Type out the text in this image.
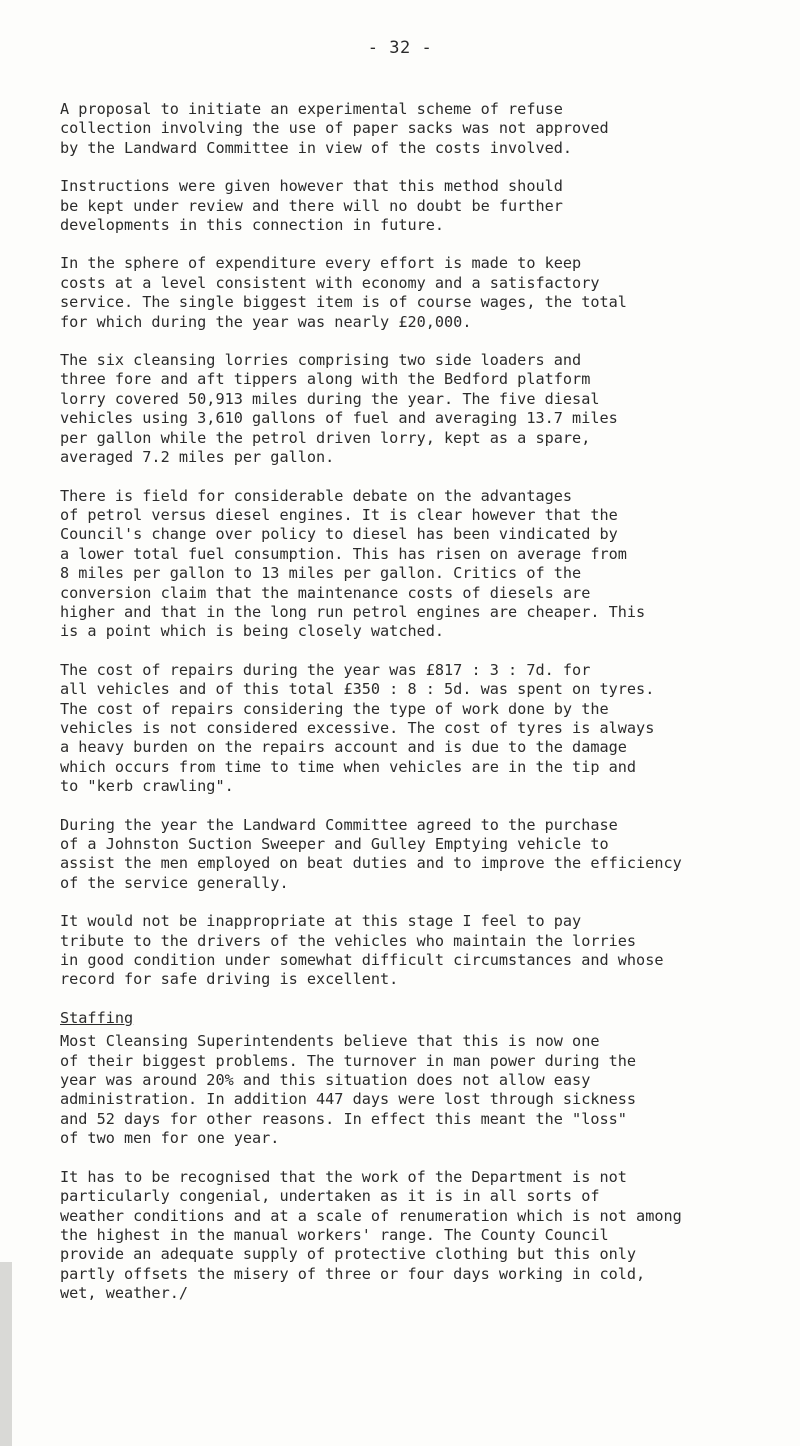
- 32 -

A proposal to initiate an experimental scheme of refuse
collection involving the use of paper sacks was not approved
by the Landward Committee in view of the costs involved.

Instructions were given however that this method should
be kept under review and there will no doubt be further
developments in this connection in future.

In the sphere of expenditure every effort is made to keep
costs at a level consistent with economy and a satisfactory
service. The single biggest item is of course wages, the total
for which during the year was nearly £20,000.

The six cleansing lorries comprising two side loaders and
three fore and aft tippers along with the Bedford platform
lorry covered 50,913 miles during the year. The five diesal
vehicles using 3,610 gallons of fuel and averaging 13.7 miles
per gallon while the petrol driven lorry, kept as a spare,
averaged 7.2 miles per gallon.

There is field for considerable debate on the advantages
of petrol versus diesel engines. It is clear however that the
Council's change over policy to diesel has been vindicated by
a lower total fuel consumption. This has risen on average from
8 miles per gallon to 13 miles per gallon. Critics of the
conversion claim that the maintenance costs of diesels are
higher and that in the long run petrol engines are cheaper. This
is a point which is being closely watched.

The cost of repairs during the year was £817 : 3 : 7d. for
all vehicles and of this total £350 : 8 : 5d. was spent on tyres.
The cost of repairs considering the type of work done by the
vehicles is not considered excessive. The cost of tyres is always
a heavy burden on the repairs account and is due to the damage
which occurs from time to time when vehicles are in the tip and
to "kerb crawling".

During the year the Landward Committee agreed to the purchase
of a Johnston Suction Sweeper and Gulley Emptying vehicle to
assist the men employed on beat duties and to improve the efficiency
of the service generally.

It would not be inappropriate at this stage I feel to pay
tribute to the drivers of the vehicles who maintain the lorries
in good condition under somewhat difficult circumstances and whose
record for safe driving is excellent.

Staffing

Most Cleansing Superintendents believe that this is now one
of their biggest problems. The turnover in man power during the
year was around 20% and this situation does not allow easy
administration. In addition 447 days were lost through sickness
and 52 days for other reasons. In effect this meant the "loss"
of two men for one year.

It has to be recognised that the work of the Department is not
particularly congenial, undertaken as it is in all sorts of
weather conditions and at a scale of renumeration which is not among
the highest in the manual workers' range. The County Council
provide an adequate supply of protective clothing but this only
partly offsets the misery of three or four days working in cold,
wet, weather./
